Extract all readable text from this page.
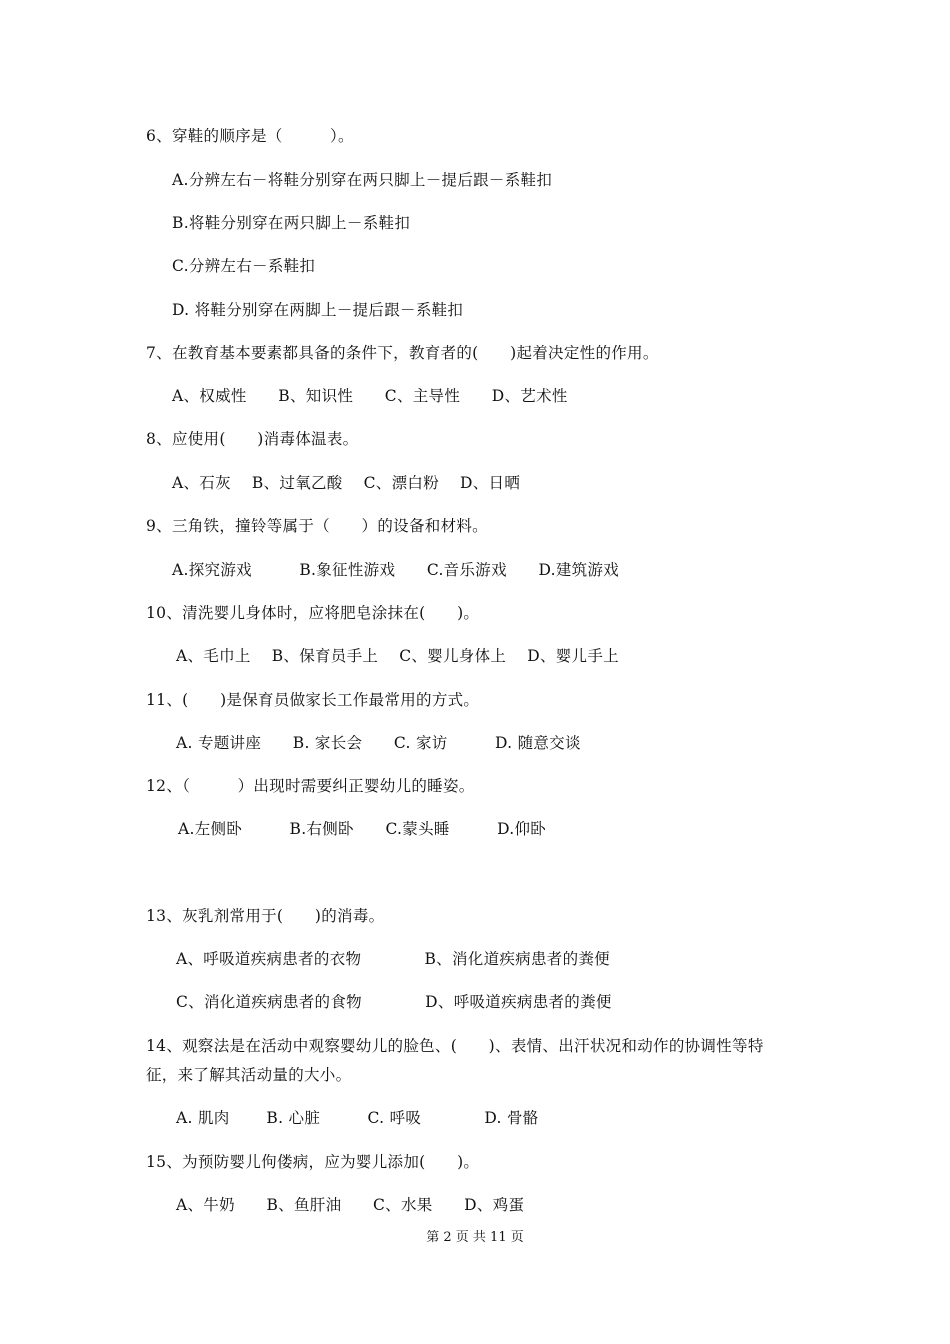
6、穿鞋的顺序是（　　　）。
A.分辨左右－将鞋分别穿在两只脚上－提后跟－系鞋扣
B.将鞋分别穿在两只脚上－系鞋扣
C.分辨左右－系鞋扣
D. 将鞋分别穿在两脚上－提后跟－系鞋扣
7、在教育基本要素都具备的条件下，教育者的(　　)起着决定性的作用。
A、权威性　　B、知识性　　C、主导性　　D、艺术性
8、应使用(　　)消毒体温表。
A、石灰　 B、过氧乙酸　 C、漂白粉　 D、日晒
9、三角铁，撞铃等属于（　　）的设备和材料。
A.探究游戏　　　B.象征性游戏　　C.音乐游戏　　D.建筑游戏
10、清洗婴儿身体时，应将肥皂涂抹在(　　)。
A、毛巾上　 B、保育员手上　 C、婴儿身体上　 D、婴儿手上
11、(　　)是保育员做家长工作最常用的方式。
A. 专题讲座　　B. 家长会　　C. 家访　　　D. 随意交谈
12、（　　　）出现时需要纠正婴幼儿的睡姿。
A.左侧卧　　　B.右侧卧　　C.蒙头睡　　　D.仰卧
13、灰乳剂常用于(　　)的消毒。
A、呼吸道疾病患者的衣物　　　　B、消化道疾病患者的粪便
C、消化道疾病患者的食物　　　　D、呼吸道疾病患者的粪便
14、观察法是在活动中观察婴幼儿的脸色、(　　)、表情、出汗状况和动作的协调性等特
征，来了解其活动量的大小。
A. 肌肉　　 B. 心脏　　　C. 呼吸　　　　D. 骨骼
15、为预防婴儿佝偻病，应为婴儿添加(　　)。
A、牛奶　　B、鱼肝油　　C、水果　　D、鸡蛋
第 2 页 共 11 页
